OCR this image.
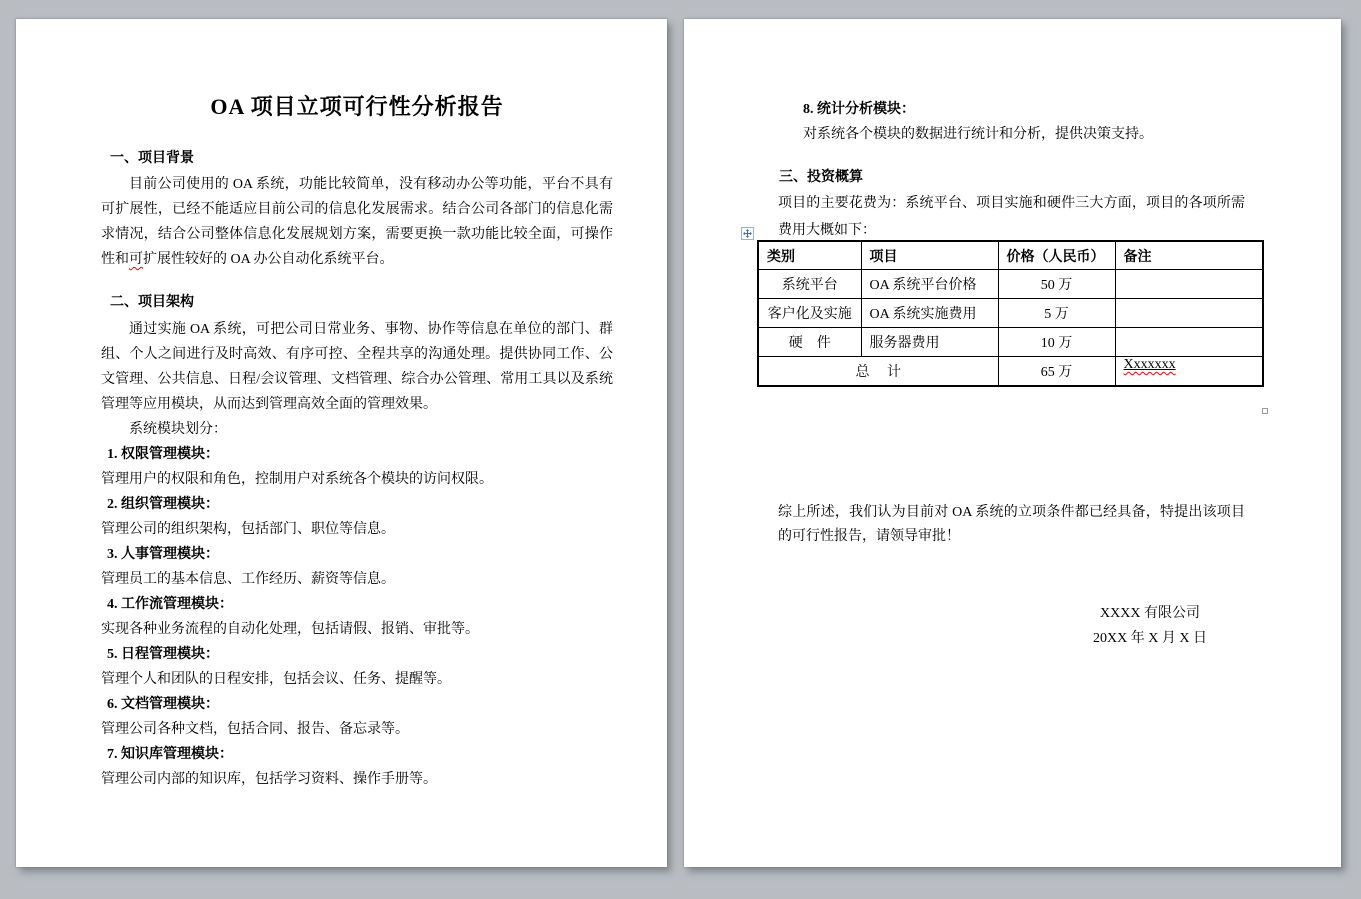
OA 项目立项可行性分析报告
一、项目背景

目前公司使用的 OA 系统，功能比较简单，没有移动办公等功能，平台不具有可扩展性，已经不能适应目前公司的信息化发展需求。结合公司各部门的信息化需求情况，结合公司整体信息化发展规划方案，需要更换一款功能比较全面，可操作性和可扩展性较好的 OA 办公自动化系统平台。

二、项目架构

通过实施 OA 系统，可把公司日常业务、事物、协作等信息在单位的部门、群组、个人之间进行及时高效、有序可控、全程共享的沟通处理。提供协同工作、公文管理、公共信息、日程/会议管理、文档管理、综合办公管理、常用工具以及系统管理等应用模块，从而达到管理高效全面的管理效果。

系统模块划分：
1. 权限管理模块：
管理用户的权限和角色，控制用户对系统各个模块的访问权限。
2. 组织管理模块：
管理公司的组织架构，包括部门、职位等信息。
3. 人事管理模块：
管理员工的基本信息、工作经历、薪资等信息。
4. 工作流管理模块：
实现各种业务流程的自动化处理，包括请假、报销、审批等。
5. 日程管理模块：
管理个人和团队的日程安排，包括会议、任务、提醒等。
6. 文档管理模块：
管理公司各种文档，包括合同、报告、备忘录等。
7. 知识库管理模块：
管理公司内部的知识库，包括学习资料、操作手册等。
8. 统计分析模块：
对系统各个模块的数据进行统计和分析，提供决策支持。
三、投资概算

项目的主要花费为：系统平台、项目实施和硬件三大方面，项目的各项所需费用大概如下：

类别	项目	价格（人民币）	备注
系统平台	OA 系统平台价格	50 万	
客户化及实施	OA 系统实施费用	5 万	
硬　件	服务器费用	10 万	
总　 计		65 万	Xxxxxxx

综上所述，我们认为目前对 OA 系统的立项条件都已经具备，特提出该项目的可行性报告，请领导审批！

XXXX 有限公司
20XX 年 X 月 X 日
